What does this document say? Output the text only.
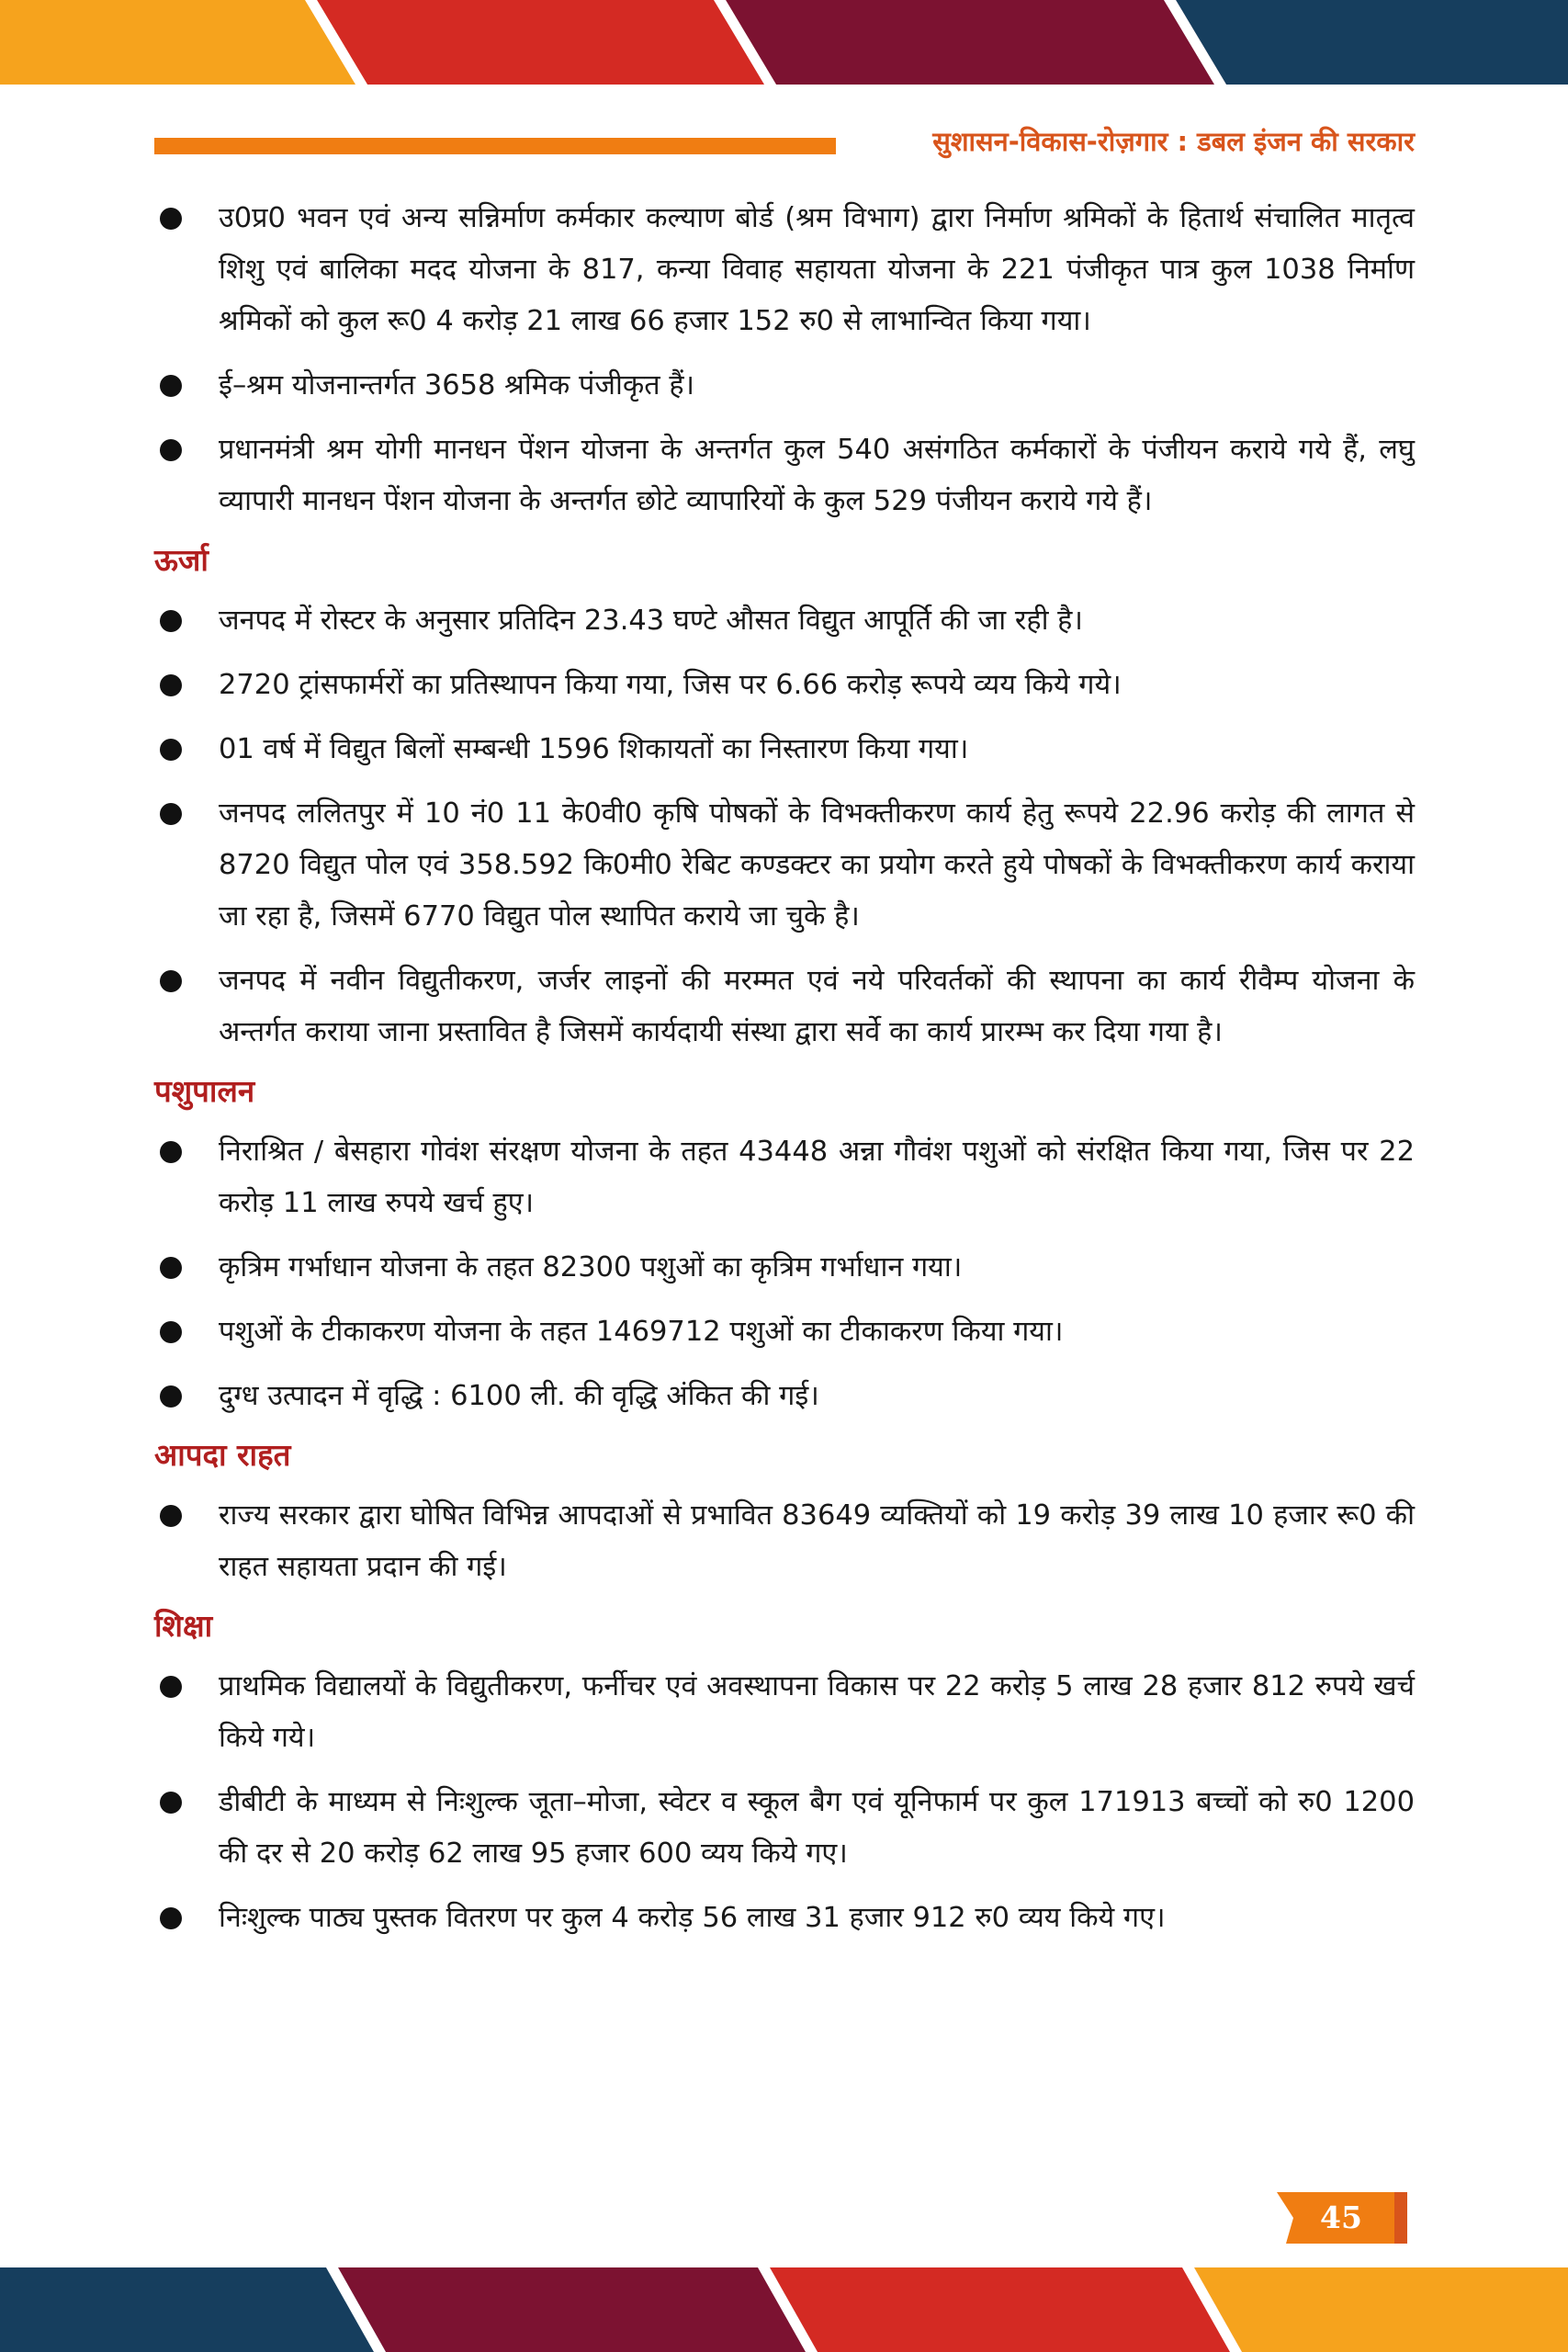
सुशासन-विकास-रोज़गार : डबल इंजन की सरकार
उ0प्र0 भवन एवं अन्य सन्निर्माण कर्मकार कल्याण बोर्ड (श्रम विभाग) द्वारा निर्माण श्रमिकों के हितार्थ संचालित मातृत्व शिशु एवं बालिका मदद योजना के 817, कन्या विवाह सहायता योजना के 221 पंजीकृत पात्र कुल 1038 निर्माण श्रमिकों को कुल रू0 4 करोड़ 21 लाख 66 हजार 152 रु0 से लाभान्वित किया गया।
ई–श्रम योजनान्तर्गत 3658 श्रमिक पंजीकृत हैं।
प्रधानमंत्री श्रम योगी मानधन पेंशन योजना के अन्तर्गत कुल 540 असंगठित कर्मकारों के पंजीयन कराये गये हैं, लघु व्यापारी मानधन पेंशन योजना के अन्तर्गत छोटे व्यापारियों के कुल 529 पंजीयन कराये गये हैं।
ऊर्जा
जनपद में रोस्टर के अनुसार प्रतिदिन 23.43 घण्टे औसत विद्युत आपूर्ति की जा रही है।
2720 ट्रांसफार्मरों का प्रतिस्थापन किया गया, जिस पर 6.66 करोड़ रूपये व्यय किये गये।
01 वर्ष में विद्युत बिलों सम्बन्धी 1596 शिकायतों का निस्तारण किया गया।
जनपद ललितपुर में 10 नं0 11 के0वी0 कृषि पोषकों के विभक्तीकरण कार्य हेतु रूपये 22.96 करोड़ की लागत से 8720 विद्युत पोल एवं 358.592 कि0मी0 रेबिट कण्डक्टर का प्रयोग करते हुये पोषकों के विभक्तीकरण कार्य कराया जा रहा है, जिसमें 6770 विद्युत पोल स्थापित कराये जा चुके है।
जनपद में नवीन विद्युतीकरण, जर्जर लाइनों की मरम्मत एवं नये परिवर्तकों की स्थापना का कार्य रीवैम्प योजना के अन्तर्गत कराया जाना प्रस्तावित है जिसमें कार्यदायी संस्था द्वारा सर्वे का कार्य प्रारम्भ कर दिया गया है।
पशुपालन
निराश्रित / बेसहारा गोवंश संरक्षण योजना के तहत 43448 अन्ना गौवंश पशुओं को संरक्षित किया गया, जिस पर 22 करोड़ 11 लाख रुपये खर्च हुए।
कृत्रिम गर्भाधान योजना के तहत 82300 पशुओं का कृत्रिम गर्भाधान गया।
पशुओं के टीकाकरण योजना के तहत 1469712 पशुओं का टीकाकरण किया गया।
दुग्ध उत्पादन में वृद्धि : 6100 ली. की वृद्धि अंकित की गई।
आपदा राहत
राज्य सरकार द्वारा घोषित विभिन्न आपदाओं से प्रभावित 83649 व्यक्तियों को 19 करोड़ 39 लाख 10 हजार रू0 की राहत सहायता प्रदान की गई।
शिक्षा
प्राथमिक विद्यालयों के विद्युतीकरण, फर्नीचर एवं अवस्थापना विकास पर 22 करोड़ 5 लाख 28 हजार 812 रुपये खर्च किये गये।
डीबीटी के माध्यम से निःशुल्क जूता–मोजा, स्वेटर व स्कूल बैग एवं यूनिफार्म पर कुल 171913 बच्चों को रु0 1200 की दर से 20 करोड़ 62 लाख 95 हजार 600 व्यय किये गए।
निःशुल्क पाठ्य पुस्तक वितरण पर कुल 4 करोड़ 56 लाख 31 हजार 912 रु0 व्यय किये गए।
45
